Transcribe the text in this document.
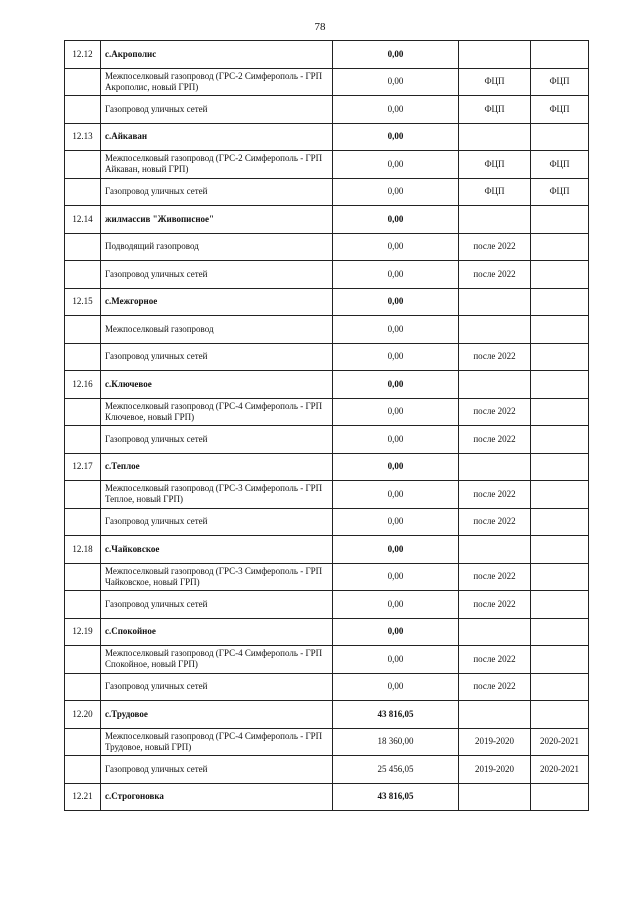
78
12.12	с.Акрополис	0,00		
	Межпоселковый газопровод (ГРС-2 Симферополь - ГРП Акрополис, новый ГРП)	0,00	ФЦП	ФЦП
	Газопровод уличных сетей	0,00	ФЦП	ФЦП
12.13	с.Айкаван	0,00		
	Межпоселковый газопровод (ГРС-2 Симферополь - ГРП Айкаван, новый ГРП)	0,00	ФЦП	ФЦП
	Газопровод уличных сетей	0,00	ФЦП	ФЦП
12.14	жилмассив "Живописное"	0,00		
	Подводящий газопровод	0,00	после 2022	
	Газопровод уличных сетей	0,00	после 2022	
12.15	с.Межгорное	0,00		
	Межпоселковый газопровод	0,00		
	Газопровод уличных сетей	0,00	после 2022	
12.16	с.Ключевое	0,00		
	Межпоселковый газопровод (ГРС-4 Симферополь - ГРП Ключевое, новый ГРП)	0,00	после 2022	
	Газопровод уличных сетей	0,00	после 2022	
12.17	с.Теплое	0,00		
	Межпоселковый газопровод (ГРС-3 Симферополь - ГРП Теплое, новый ГРП)	0,00	после 2022	
	Газопровод уличных сетей	0,00	после 2022	
12.18	с.Чайковское	0,00		
	Межпоселковый газопровод (ГРС-3 Симферополь - ГРП Чайковское, новый ГРП)	0,00	после 2022	
	Газопровод уличных сетей	0,00	после 2022	
12.19	с.Спокойное	0,00		
	Межпоселковый газопровод (ГРС-4 Симферополь - ГРП Спокойное, новый ГРП)	0,00	после 2022	
	Газопровод уличных сетей	0,00	после 2022	
12.20	с.Трудовое	43 816,05		
	Межпоселковый газопровод (ГРС-4 Симферополь - ГРП Трудовое, новый ГРП)	18 360,00	2019-2020	2020-2021
	Газопровод уличных сетей	25 456,05	2019-2020	2020-2021
12.21	с.Строгоновка	43 816,05		
